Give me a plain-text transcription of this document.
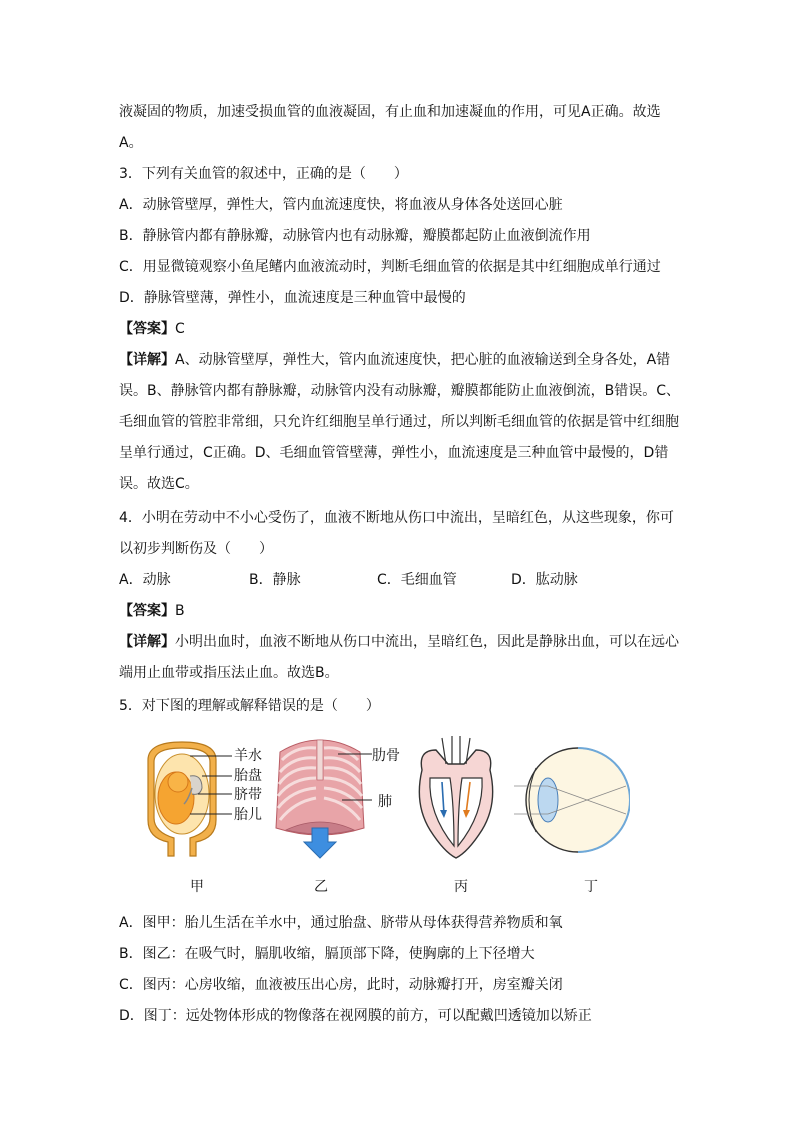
液凝固的物质，加速受损血管的血液凝固，有止血和加速凝血的作用，可见A正确。故选
A。
3．下列有关血管的叙述中，正确的是（　　）
A．动脉管壁厚，弹性大，管内血流速度快，将血液从身体各处送回心脏
B．静脉管内都有静脉瓣，动脉管内也有动脉瓣，瓣膜都起防止血液倒流作用
C．用显微镜观察小鱼尾鳍内血液流动时，判断毛细血管的依据是其中红细胞成单行通过
D．静脉管壁薄，弹性小，血流速度是三种血管中最慢的
【答案】C
【详解】A、动脉管壁厚，弹性大，管内血流速度快，把心脏的血液输送到全身各处，A错
误。B、静脉管内都有静脉瓣，动脉管内没有动脉瓣，瓣膜都能防止血液倒流，B错误。C、
毛细血管的管腔非常细，只允许红细胞呈单行通过，所以判断毛细血管的依据是管中红细胞
呈单行通过，C正确。D、毛细血管管壁薄，弹性小，血流速度是三种血管中最慢的，D错
误。故选C。
4．小明在劳动中不小心受伤了，血液不断地从伤口中流出，呈暗红色，从这些现象，你可
以初步判断伤及（　　）
A．动脉	B．静脉	C．毛细血管	D．肱动脉
【答案】B
【详解】小明出血时，血液不断地从伤口中流出，呈暗红色，因此是静脉出血，可以在远心
端用止血带或指压法止血。故选B。
5．对下图的理解或解释错误的是（　　）
羊水
胎盘
脐带
胎儿
肋骨
肺
甲	乙	丙	丁
A．图甲：胎儿生活在羊水中，通过胎盘、脐带从母体获得营养物质和氧
B．图乙：在吸气时，膈肌收缩，膈顶部下降，使胸廓的上下径增大
C．图丙：心房收缩，血液被压出心房，此时，动脉瓣打开，房室瓣关闭
D．图丁：远处物体形成的物像落在视网膜的前方，可以配戴凹透镜加以矫正
